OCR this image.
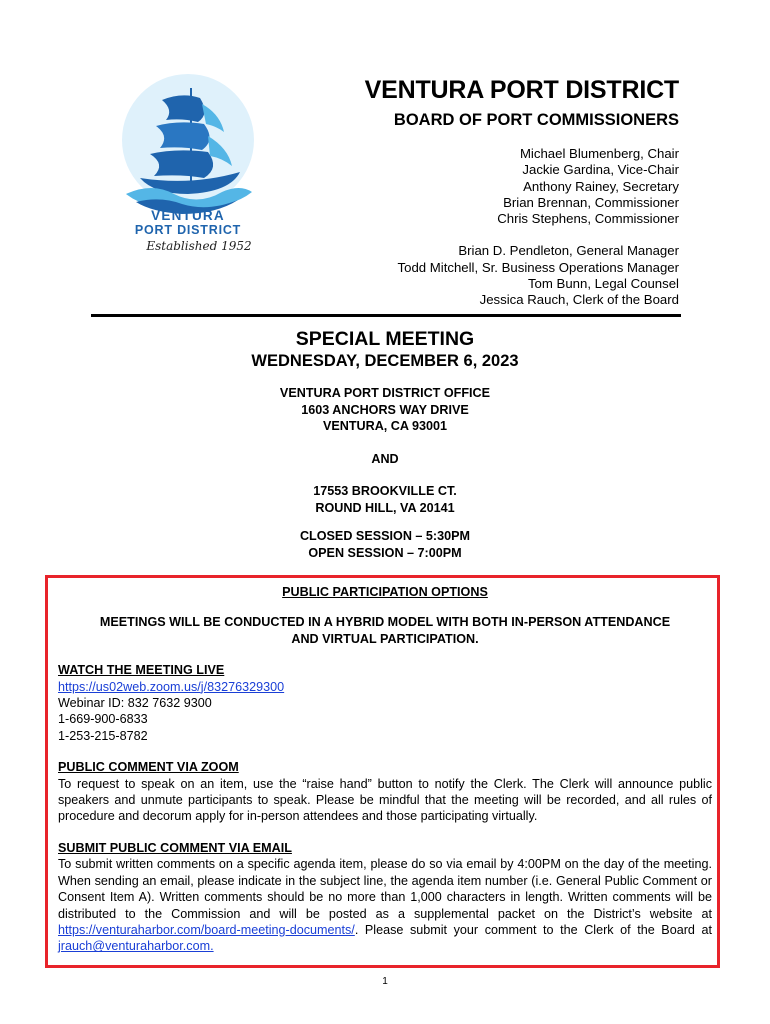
VENTURA
PORT DISTRICT
Established 1952
VENTURA PORT DISTRICT
BOARD OF PORT COMMISSIONERS
Michael Blumenberg, Chair
Jackie Gardina, Vice-Chair
Anthony Rainey, Secretary
Brian Brennan, Commissioner
Chris Stephens, Commissioner
Brian D. Pendleton, General Manager
Todd Mitchell, Sr. Business Operations Manager
Tom Bunn, Legal Counsel
Jessica Rauch, Clerk of the Board
SPECIAL MEETING
WEDNESDAY, DECEMBER 6, 2023
VENTURA PORT DISTRICT OFFICE
1603 ANCHORS WAY DRIVE
VENTURA, CA 93001
AND
17553 BROOKVILLE CT.
ROUND HILL, VA 20141
CLOSED SESSION – 5:30PM
OPEN SESSION – 7:00PM
PUBLIC PARTICIPATION OPTIONS
MEETINGS WILL BE CONDUCTED IN A HYBRID MODEL WITH BOTH IN-PERSON ATTENDANCE
AND VIRTUAL PARTICIPATION.
WATCH THE MEETING LIVE
https://us02web.zoom.us/j/83276329300
Webinar ID: 832 7632 9300
1-669-900-6833
1-253-215-8782
PUBLIC COMMENT VIA ZOOM
To request to speak on an item, use the “raise hand” button to notify the Clerk. The Clerk will announce public speakers and unmute participants to speak. Please be mindful that the meeting will be recorded, and all rules of procedure and decorum apply for in-person attendees and those participating virtually.
SUBMIT PUBLIC COMMENT VIA EMAIL
To submit written comments on a specific agenda item, please do so via email by 4:00PM on the day of the meeting. When sending an email, please indicate in the subject line, the agenda item number (i.e. General Public Comment or Consent Item A). Written comments should be no more than 1,000 characters in length. Written comments will be distributed to the Commission and will be posted as a supplemental packet on the District’s website at https://venturaharbor.com/board-meeting-documents/. Please submit your comment to the Clerk of the Board at jrauch@venturaharbor.com.
1
